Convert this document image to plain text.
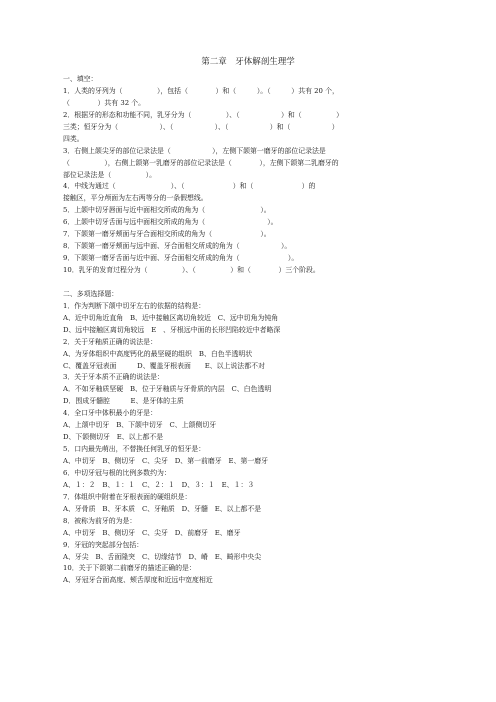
第二章　牙体解剖生理学
一、填空：
1．人类的牙列为（　　　　　），包括（　　　　）和（　　　）。（　　　）共有 20 个，
（　　　　）共有 32 个。
2．根据牙的形态和功能不同，乳牙分为（　　　　　）、（　　　　　　）和（　　　　　）
三类；恒牙分为（　　　　　　）、（　　　　　　）、（　　　　　　）和（　　　　　　）
四类。
3．右侧上颌尖牙的部位记录法是（　　　　　　），左侧下颌第一磨牙的部位记录法是
（　　　　　），右侧上颌第一乳磨牙的部位记录法是（　　　　），左侧下颌第二乳磨牙的
部位记录法是（　　　　　）。
4．中线为通过（　　　　　　　　）、（　　　　　　　）和（　　　　　　　）的
接触区，平分颅面为左右两等分的一条假想线。
5．上颌中切牙唇面与近中面相交所成的角为（　　　　　　　　）。
6．上颌中切牙舌面与远中面相交所成的角为（　　　　　　　　　）。
7．下颌第一磨牙颊面与牙合面相交所成的角为（　　　　　　　）。
8．下颌第一磨牙颊面与远中面、牙合面相交所成的角为（　　　　　　）。
9．下颌第一磨牙舌面与近中面、牙合面相交所成的角为（　　　　　　　）。
10．乳牙的发育过程分为（　　　　　）、（　　　　　）和（　　　　）三个阶段。
二、多项选择题：
1．作为判断下颌中切牙左右的依据的结构是：
A、近中切角近直角　B、近中接触区离切角较近　C、远中切角为钝角
D、远中接触区离切角较远　E　、牙根远中面的长形凹陷较近中者略深
2．关于牙釉质正确的说法是：
A、为牙体组织中高度钙化的最坚硬的组织　B、白色半透明状
C、覆盖牙冠表面　　　D、覆盖牙根表面　　E、以上说法都不对
3．关于牙本质不正确的说法是：
A．不如牙釉质坚硬　B、位于牙釉质与牙骨质的内层　C、白色透明
D．围成牙髓腔　　　E、是牙体的主质
4．全口牙中体积最小的牙是：
A、上颌中切牙　B、下颌中切牙　C、上颌侧切牙
D、下颌侧切牙　E、以上都不是
5．口内最先萌出，不替换任何乳牙的恒牙是：
A、中切牙　B、侧切牙　C、尖牙　D、第一前磨牙　E、第一磨牙
6．中切牙冠与根的比例多数约为：
A、１：２　B、１：１　C、２：１　D、３：１　E、１：３
7．体组织中附着在牙根表面的硬组织是：
A、牙骨质　B、牙本质　C、牙釉质　D、牙髓　E、以上都不是
8．被称为前牙的为是：
A、中切牙　B、侧切牙　C、尖牙　D、前磨牙　E、磨牙
9．牙冠的突起部分包括：
A、牙尖　B、舌面隆突　C、切缘结节　D、嵴　E、畸形中央尖
10．关于下颌第二前磨牙的描述正确的是：
A、牙冠牙合面高度、颊舌厚度和近远中宽度相近
